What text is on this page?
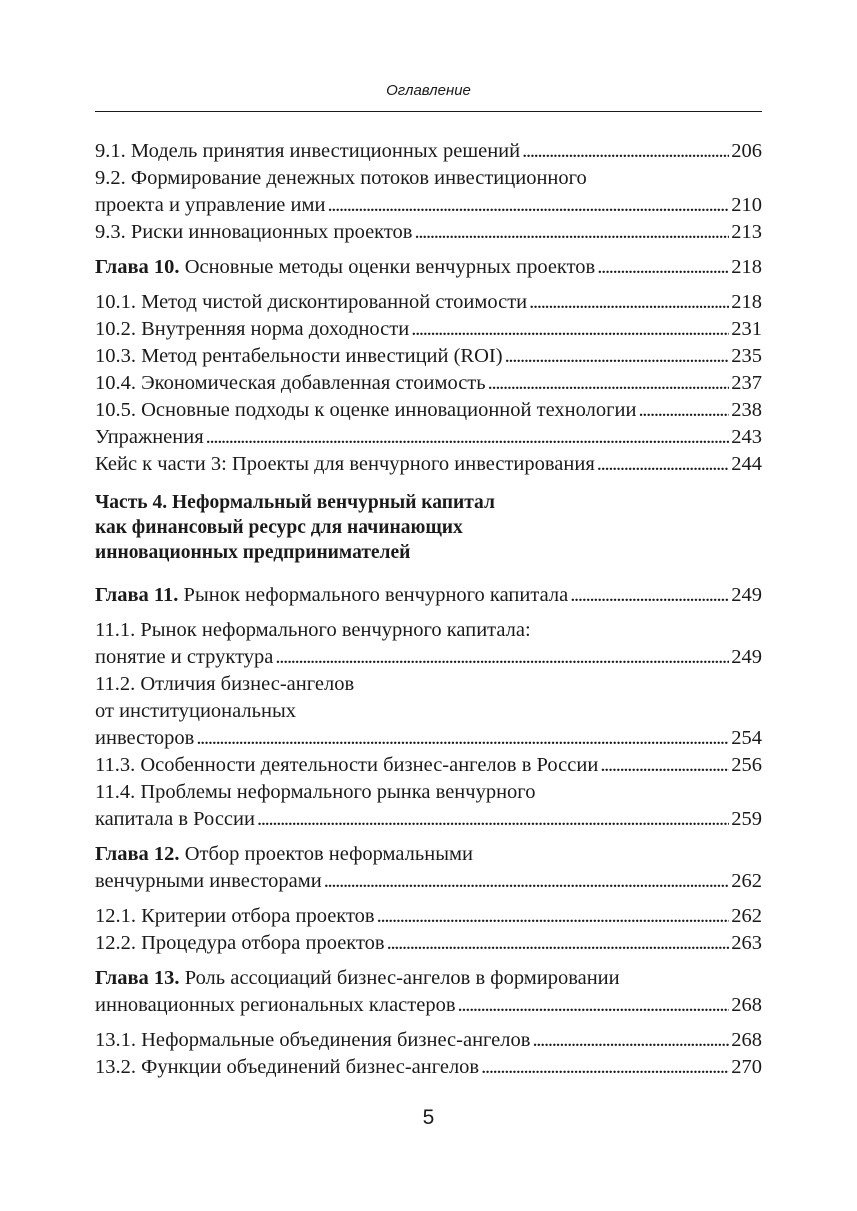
Оглавление
9.1. Модель принятия инвестиционных решений . . .	206
9.2. Формирование денежных потоков инвестиционного
проекта и управление ими . . .	210
9.3. Риски инновационных проектов . . .	213
Глава 10. Основные методы оценки венчурных проектов . . .	218
10.1. Метод чистой дисконтированной стоимости . . .	218
10.2. Внутренняя норма доходности . . .	231
10.3. Метод рентабельности инвестиций (ROI) . . .	235
10.4. Экономическая добавленная стоимость . . .	237
10.5. Основные подходы к оценке инновационной технологии . . .	238
Упражнения . . .	243
Кейс к части 3: Проекты для венчурного инвестирования . . .	244
Часть 4. Неформальный венчурный капитал
как финансовый ресурс для начинающих
инновационных предпринимателей
Глава 11. Рынок неформального венчурного капитала . . .	249
11.1. Рынок неформального венчурного капитала:
понятие и структура . . .	249
11.2. Отличия бизнес-ангелов
от институциональных
инвесторов . . .	254
11.3. Особенности деятельности бизнес-ангелов в России . . .	256
11.4. Проблемы неформального рынка венчурного
капитала в России . . .	259
Глава 12. Отбор проектов неформальными
венчурными инвесторами . . .	262
12.1. Критерии отбора проектов . . .	262
12.2. Процедура отбора проектов . . .	263
Глава 13. Роль ассоциаций бизнес-ангелов в формировании
инновационных региональных кластеров . . .	268
13.1. Неформальные объединения бизнес-ангелов . . .	268
13.2. Функции объединений бизнес-ангелов . . .	270
5
